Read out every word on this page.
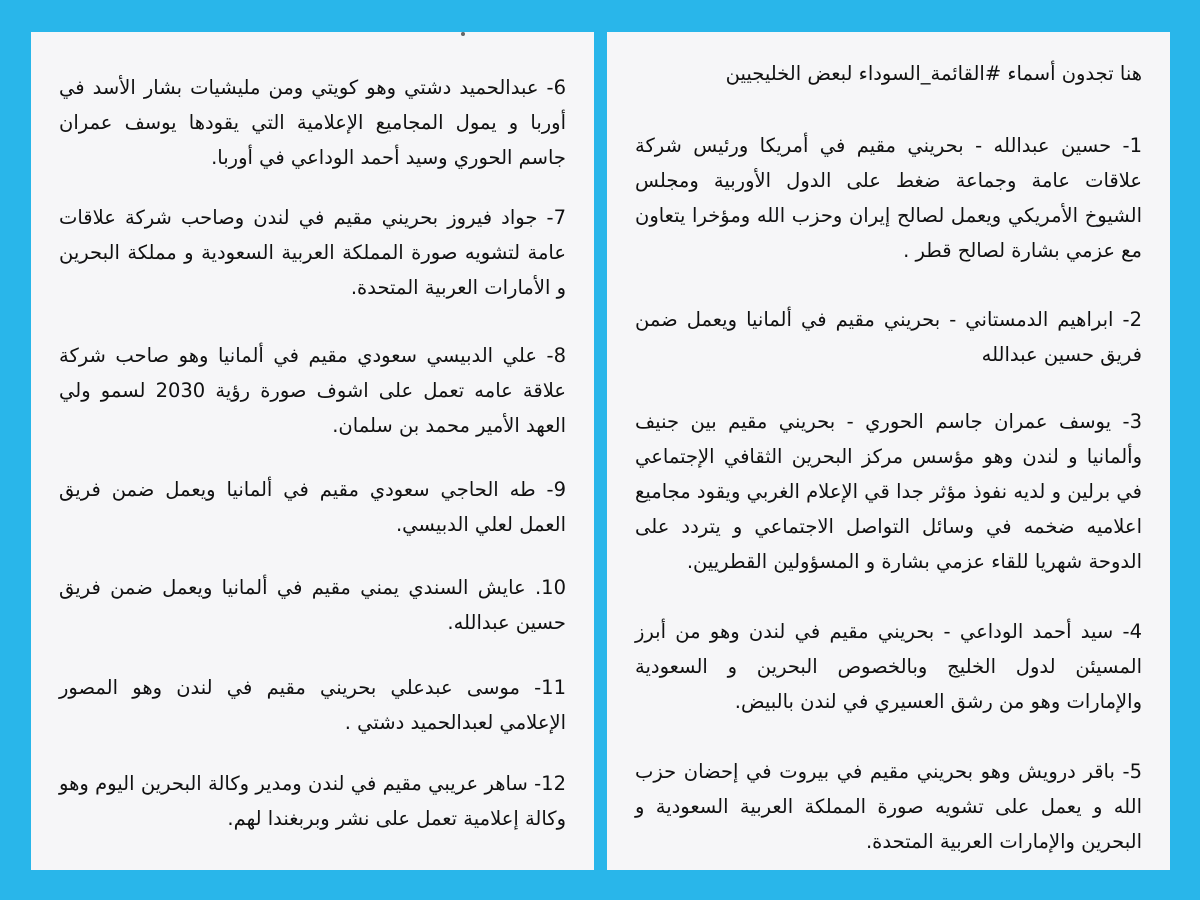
6- عبدالحميد دشتي وهو كويتي ومن مليشيات بشار الأسد في أوربا و يمول المجاميع الإعلامية التي يقودها يوسف عمران جاسم الحوري وسيد أحمد الوداعي في أوربا.

7- جواد فيروز بحريني مقيم في لندن وصاحب شركة علاقات عامة لتشويه صورة المملكة العربية السعودية و مملكة البحرين و الأمارات العربية المتحدة.

8- علي الدبيسي سعودي مقيم في ألمانيا وهو صاحب شركة علاقة عامه تعمل على اشوف صورة رؤية 2030 لسمو ولي العهد الأمير محمد بن سلمان.

9- طه الحاجي سعودي مقيم في ألمانيا ويعمل ضمن فريق العمل لعلي الدبيسي.

10. عايش السندي يمني مقيم في ألمانيا ويعمل ضمن فريق حسين عبدالله.

11- موسى عبدعلي بحريني مقيم في لندن وهو المصور الإعلامي لعبدالحميد دشتي .

12- ساهر عريبي مقيم في لندن ومدير وكالة البحرين اليوم وهو وكالة إعلامية تعمل على نشر وبربغندا لهم.

هنا تجدون أسماء #القائمة_السوداء لبعض الخليجيين

1- حسين عبدالله - بحريني مقيم في أمريكا ورئيس شركة علاقات عامة وجماعة ضغط على الدول الأوربية ومجلس الشيوخ الأمريكي ويعمل لصالح إيران وحزب الله ومؤخرا يتعاون مع عزمي بشارة لصالح قطر .

2- ابراهيم الدمستاني - بحريني مقيم في ألمانيا ويعمل ضمن فريق حسين عبدالله

3- يوسف عمران جاسم الحوري - بحريني مقيم بين جنيف وألمانيا و لندن وهو مؤسس مركز البحرين الثقافي الإجتماعي في برلين و لديه نفوذ مؤثر جدا قي الإعلام الغربي ويقود مجاميع اعلاميه ضخمه في وسائل التواصل الاجتماعي و يتردد على الدوحة شهريا للقاء عزمي بشارة و المسؤولين القطريين.

4- سيد أحمد الوداعي - بحريني مقيم في لندن وهو من أبرز المسيئن لدول الخليج وبالخصوص البحرين و السعودية والإمارات وهو من رشق العسيري في لندن بالبيض.

5- باقر درويش وهو بحريني مقيم في بيروت في إحضان حزب الله و يعمل على تشويه صورة المملكة العربية السعودية و البحرين والإمارات العربية المتحدة.
